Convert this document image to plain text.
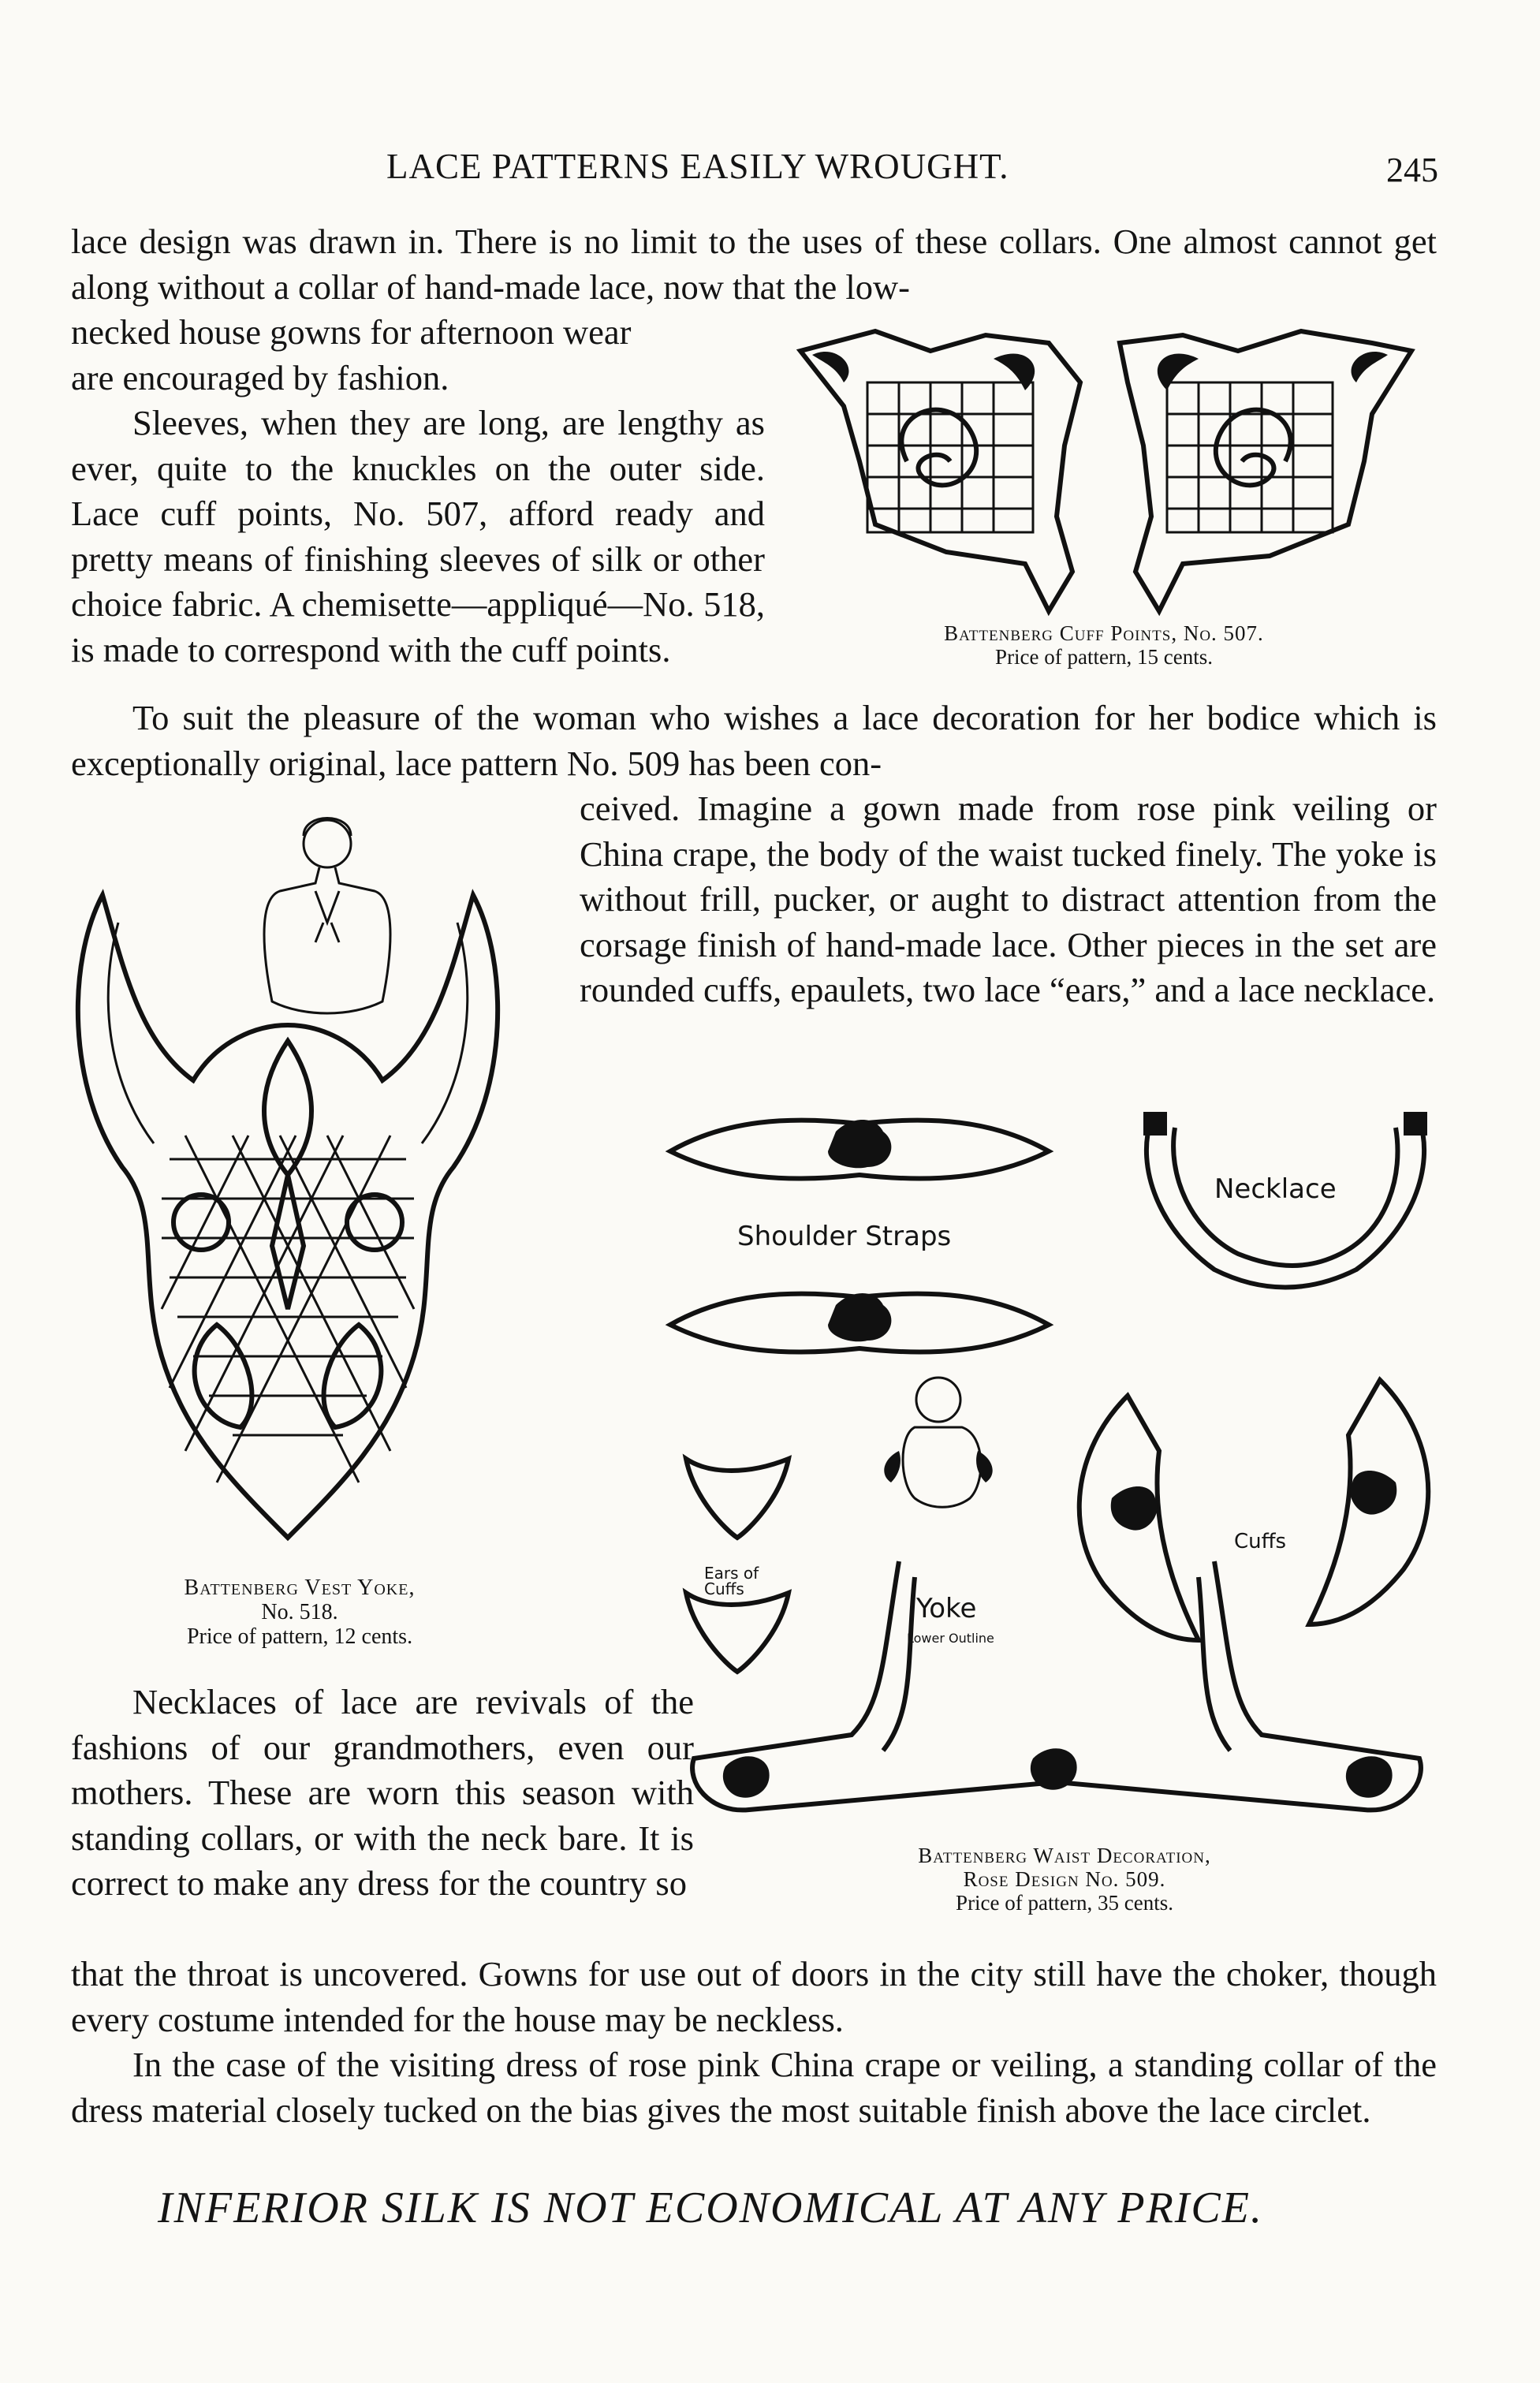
LACE PATTERNS EASILY WROUGHT.	245
lace design was drawn in. There is no limit to the uses of these collars. One almost cannot get along without a collar of hand-made lace, now that the low-
necked house gowns for afternoon wear
are encouraged by fashion.
Sleeves, when they are long, are lengthy as ever, quite to the knuckles on the outer side. Lace cuff points, No. 507, afford ready and pretty means of finishing sleeves of silk or other choice fabric. A chemisette—appliqué—No. 518, is made to correspond with the cuff points.	Battenberg Cuff Points, No. 507.
Price of pattern, 15 cents.
To suit the pleasure of the woman who wishes a lace decoration for her bodice which is exceptionally original, lace pattern No. 509 has been con-
ceived. Imagine a gown made from rose pink veiling or China crape, the body of the waist tucked finely. The yoke is without frill, pucker, or aught to distract attention from the corsage finish of hand-made lace. Other pieces in the set are rounded cuffs, epaulets, two lace “ears,” and a lace necklace.
Battenberg Vest Yoke,
No. 518.
Price of pattern, 12 cents.
Necklace
Shoulder Straps
Ears of Cuffs
Yoke
Lower Outline
Cuffs
Battenberg Waist Decoration,
Rose Design No. 509.
Price of pattern, 35 cents.
Necklaces of lace are revivals of the fashions of our grandmothers, even our mothers. These are worn this season with standing collars, or with the neck bare. It is correct to make any dress for the country so
that the throat is uncovered. Gowns for use out of doors in the city still have the choker, though every costume intended for the house may be neckless.
In the case of the visiting dress of rose pink China crape or veiling, a standing collar of the dress material closely tucked on the bias gives the most suitable finish above the lace circlet.
INFERIOR SILK IS NOT ECONOMICAL AT ANY PRICE.
